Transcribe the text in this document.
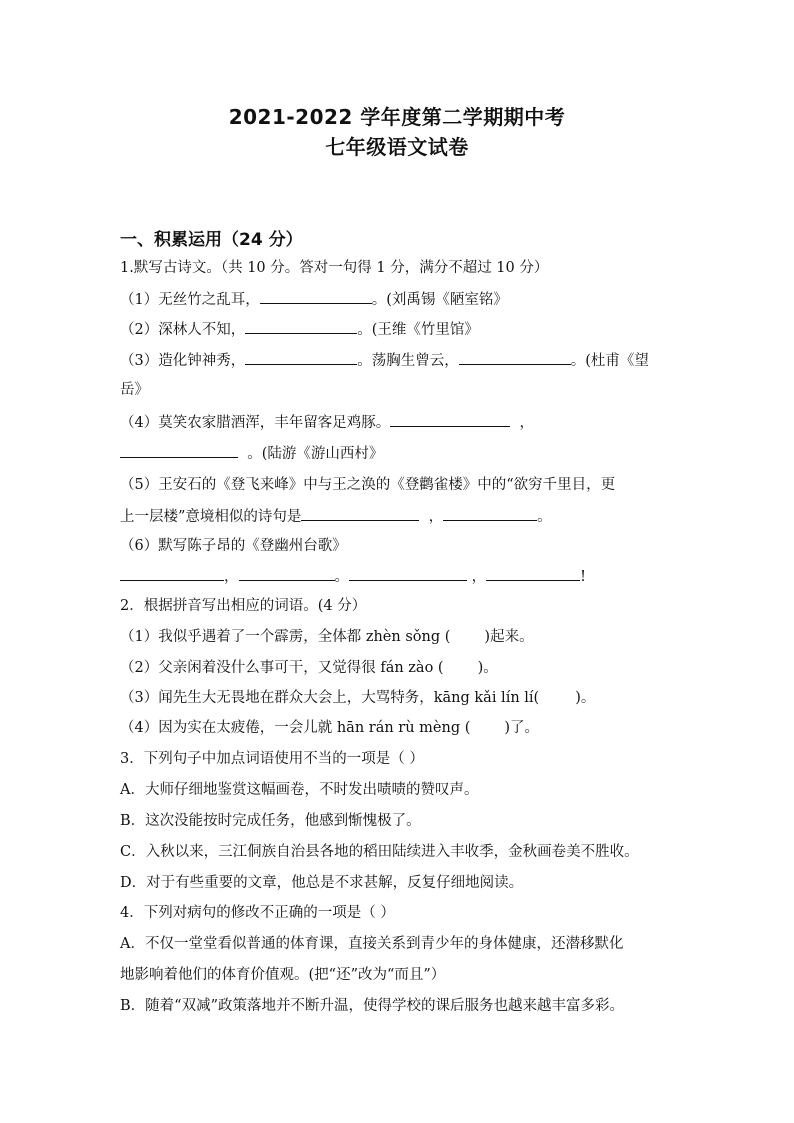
2021-2022 学年度第二学期期中考
七年级语文试卷
一、积累运用（24 分）
1.默写古诗文。（共 10 分。答对一句得 1 分，满分不超过 10 分）
（1）无丝竹之乱耳，	。(刘禹锡《陋室铭》
（2）深林人不知，	。(王维《竹里馆》
（3）造化钟神秀，	。荡胸生曾云，	。(杜甫《望
岳》
（4）莫笑农家腊酒浑，丰年留客足鸡豚。	，
。(陆游《游山西村》
（5）王安石的《登飞来峰》中与王之涣的《登鹳雀楼》中的“欲穷千里目，更
上一层楼”意境相似的诗句是	，	。
（6）默写陈子昂的《登幽州台歌》
，	。	，	!
2．根据拼音写出相应的词语。(4 分）
（1）我似乎遇着了一个霹雳，全体都 zhèn sǒng ( )起来。
（2）父亲闲着没什么事可干，又觉得很 fán zào ( )。
（3）闻先生大无畏地在群众大会上，大骂特务，kāng kǎi lín lí( )。
（4）因为实在太疲倦，一会儿就 hān rán rù mèng ( )了。
3．下列句子中加点词语使用不当的一项是（ ）
A．大师仔细地鉴赏这幅画卷，不时发出啧啧的赞叹声。
B．这次没能按时完成任务，他感到惭愧极了。
C．入秋以来，三江侗族自治县各地的稻田陆续进入丰收季，金秋画卷美不胜收。
D．对于有些重要的文章，他总是不求甚解，反复仔细地阅读。
4．下列对病句的修改不正确的一项是（ ）
A．不仅一堂堂看似普通的体育课，直接关系到青少年的身体健康，还潜移默化
地影响着他们的体育价值观。(把“还”改为“而且”）
B．随着“双减”政策落地并不断升温，使得学校的课后服务也越来越丰富多彩。
